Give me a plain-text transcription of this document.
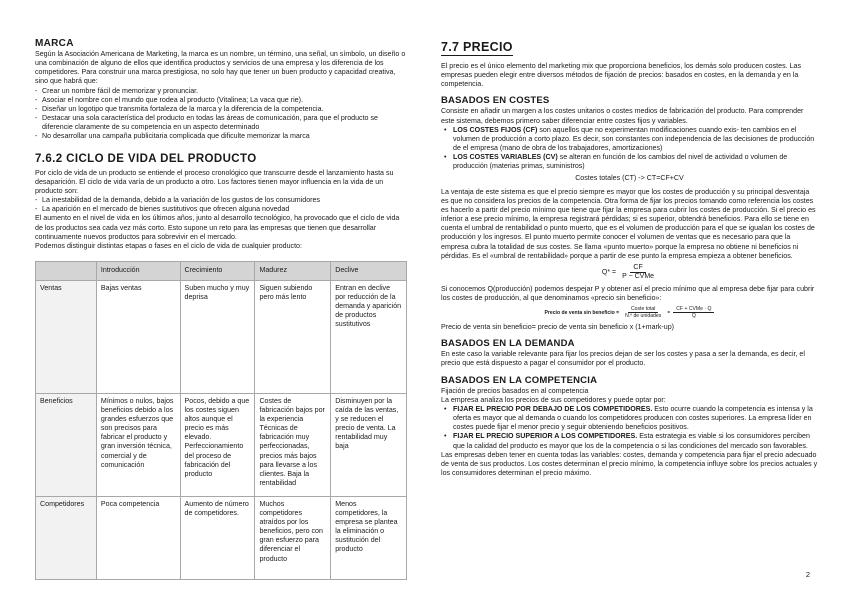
MARCA

Según la Asociación Americana de Marketing, la marca es un nombre, un término, una señal, un símbolo, un diseño o una combinación de alguno de ellos que identifica productos y servicios de una empresa y los diferencia de los competidores. Para construir una marca prestigiosa, no solo hay que tener un buen producto y capacidad creativa, sino que habrá que:

- Crear un nombre fácil de memorizar y pronunciar.
- Asociar el nombre con el mundo que rodea al producto (Vitalinea; La vaca que rie).
- Diseñar un logotipo que transmita fortaleza de la marca y la diferencia de la competencia.
- Destacar una sola característica del producto en todas las áreas de comunicación, para que el producto se diferencie claramente de su competencia en un aspecto determinado
- No desarrollar una campaña publicitaria complicada que dificulte memorizar la marca
7.6.2 CICLO DE VIDA DEL PRODUCTO

Por ciclo de vida de un producto se entiende el proceso cronológico que transcurre desde el lanzamiento hasta su desaparición. El ciclo de vida varía de un producto a otro. Los factores tienen mayor influencia en la vida de un producto son:

- La inestabilidad de la demanda, debido a la variación de los gustos de los consumidores
- La aparición en el mercado de bienes sustitutivos que ofrecen alguna novedad

El aumento en el nivel de vida en los últimos años, junto al desarrollo tecnológico, ha provocado que el ciclo de vida de los productos sea cada vez más corto. Esto supone un reto para las empresas que tienen que desarrollar continuamente nuevos productos para sobrevivir en el mercado.

Podemos distinguir distintas etapas o fases en el ciclo de vida de cualquier producto:

	Introducción	Crecimiento	Madurez	Declive
Ventas	Bajas ventas	Suben mucho y muy deprisa	Siguen subiendo pero más lento	Entran en declive por reducción de la demanda y aparición de productos sustitutivos
Beneficios	Mínimos o nulos, bajos beneficios debido a los grandes esfuerzos que son precisos para fabricar el producto y gran inversión técnica, comercial y de comunicación	Pocos, debido a que los costes siguen altos aunque el precio es más elevado. Perfeccionamiento del proceso de fabricación del producto	Costes de fabricación bajos por la experiencia Técnicas de fabricación muy perfeccionadas, precios más bajos para llevarse a los clientes. Baja la rentabilidad	Disminuyen por la caída de las ventas, y se reducen el precio de venta. La rentabilidad muy baja
Competidores	Poca competencia	Aumento de número de competidores.	Muchos competidores atraídos por los beneficios, pero con gran esfuerzo para diferenciar el producto	Menos competidores, la empresa se plantea la eliminación o sustitución del producto
7.7 PRECIO

El precio es el único elemento del marketing mix que proporciona beneficios, los demás solo producen costes. Las empresas pueden elegir entre diversos métodos de fijación de precios: basados en costes, en la demanda y en la competencia.

BASADOS EN COSTES

Consiste en añadir un margen a los costes unitarios o costes medios de fabricación del producto. Para comprender este sistema, debemos primero saber diferenciar entre costes fijos y variables.

• LOS COSTES FIJOS (CF) son aquellos que no experimentan modificaciones cuando exis- ten cambios en el volumen de producción a corto plazo. Es decir, son constantes con independencia de las decisiones de producción de el empresa (mano de obra de los trabajadores, amortizaciones)
• LOS COSTES VARIABLES (CV) se alteran en función de los cambios del nivel de actividad o volumen de producción (materias primas, suministros)
Costes totales (CT) -> CT=CF+CV

La ventaja de este sistema es que el precio siempre es mayor que los costes de producción y su principal desventaja es que no considera los precios de la competencia. Otra forma de fijar los precios tomando como referencia los costes es hacerlo a partir del precio mínimo que tiene que fijar la empresa para cubrir los costes de producción. Si el precio es inferior a ese precio mínimo, la empresa registrará pérdidas; si es superior, obtendrá beneficios. Para ello se tiene en cuenta el umbral de rentabilidad o punto muerto, que es el volumen de producción para el que se igualan los costes de producción y los ingresos. El punto muerto permite conocer el volumen de ventas que es necesario para que la empresa cubra la totalidad de sus costes. Se llama «punto muerto» porque la empresa no obtiene ni beneficios ni pérdidas. Es el «umbral de rentabilidad» porque a partir de ese punto la empresa empieza a obtener beneficios.

$Q* = \frac{CF}{\text{P − CVMe}}$

Si conocemos Q(producción) podemos despejar P y obtener así el precio mínimo que al empresa debe fijar para cubrir los costes de producción, al que denominamos «precio sin beneficio»:

Precio de venta sin beneficio = $\frac{\text{Coste total}}{\text{N.º de unidades}} = \frac{\text{CF + CVMe · Q}}{Q}$

Precio de venta sin beneficio= precio de venta sin beneficio x (1+mark-up)

BASADOS EN LA DEMANDA

En este caso la variable relevante para fijar los precios dejan de ser los costes y pasa a ser la demanda, es decir, el precio que está dispuesto a pagar el consumidor por el producto.

BASADOS EN LA COMPETENCIA

Fijación de precios basados en al competencia

La empresa analiza los precios de sus competidores y puede optar por:

• FIJAR EL PRECIO POR DEBAJO DE LOS COMPETIDORES. Esto ocurre cuando la competencia es intensa y la oferta es mayor que al demanda o cuando los competidores producen con costes superiores. La empresa líder en costes puede fijar el menor precio y seguir obteniendo beneficios positivos.
• FIJAR EL PRECIO SUPERIOR A LOS COMPETIDORES. Esta estrategia es viable si los consumidores perciben que la calidad del producto es mayor que los de la competencia o si las condiciones del mercado son favorables.

Las empresas deben tener en cuenta todas las variables: costes, demanda y competencia para fijar el precio adecuado de venta de sus productos. Los costes determinan el precio mínimo, la competencia influye sobre los precios actuales y los consumidores determinan el precio máximo.

2
